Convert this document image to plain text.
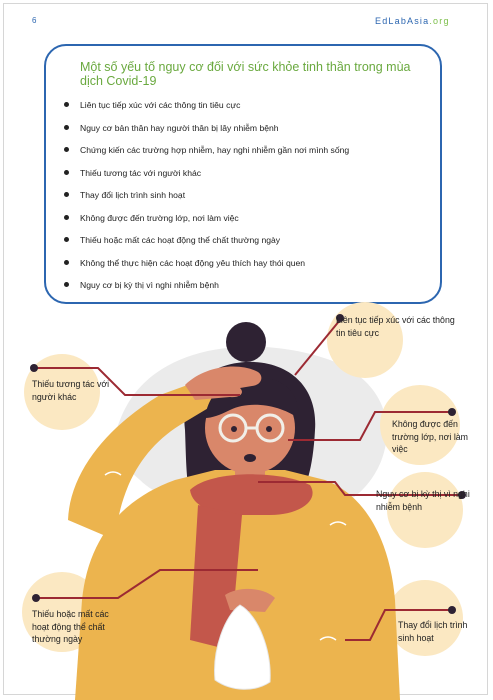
6	EdLabAsia.org
Một số yếu tố nguy cơ đối với sức khỏe tinh thần trong mùa dịch Covid-19
Liên tục tiếp xúc với các thông tin tiêu cực
Nguy cơ bản thân hay người thân bị lây nhiễm bệnh
Chứng kiến các trường hợp nhiễm, hay nghi nhiễm gần nơi mình sống
Thiếu tương tác với người khác
Thay đổi lịch trình sinh hoạt
Không được đến trường lớp, nơi làm việc
Thiếu hoặc mất các hoạt động thể chất thường ngày
Không thể thực hiện các hoạt động yêu thích hay thói quen
Nguy cơ bị kỳ thị vì nghi nhiễm bệnh
Liên tục tiếp xúc với các thông tin tiêu cực
Thiếu tương tác với người khác
Không được đến trường lớp, nơi làm việc
Nguy cơ bị kỳ thị vì nghi nhiễm bệnh
Thiếu hoặc mất các hoạt động thể chất thường ngày
Thay đổi lịch trình sinh hoạt
